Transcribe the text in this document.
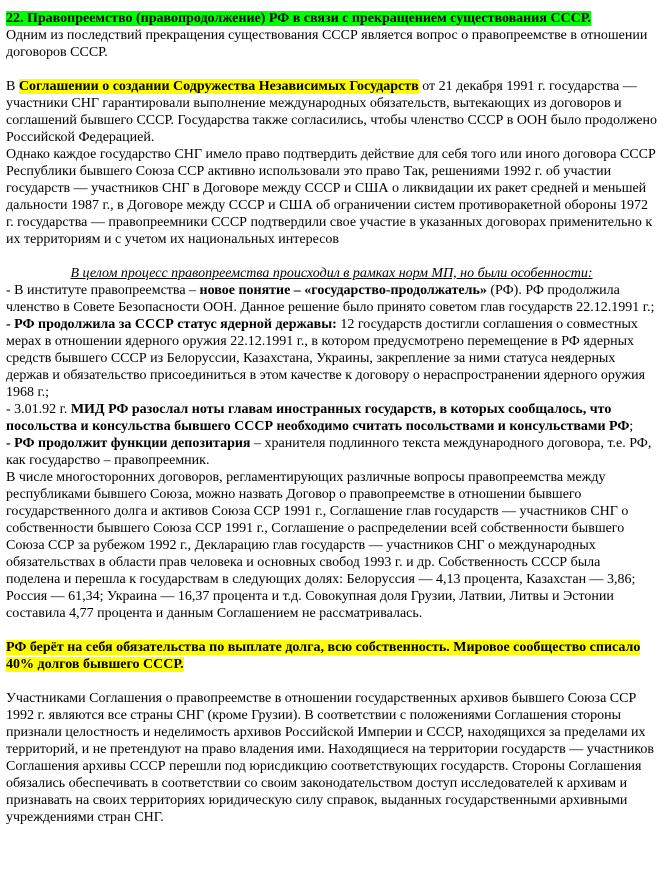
22. Правопреемство (правопродолжение) РФ в связи с прекращением существования СССР.

Одним из последствий прекращения существования СССР является вопрос о правопреемстве в отношении договоров СССР.

В Соглашении о создании Содружества Независимых Государств от 21 декабря 1991 г. государства — участники СНГ гарантировали выполнение международных обязательств, вытекающих из договоров и соглашений бывшего СССР. Государства также согласились, чтобы членство СССР в ООН было продолжено Российской Федерацией.

Однако каждое государство СНГ имело право подтвердить действие для себя того или иного договора СССР Республики бывшего Союза ССР активно использовали это право Так, решениями 1992 г. об участии государств — участников СНГ в Договоре между СССР и США о ликвидации их ракет средней и меньшей дальности 1987 г., в Договоре между СССР и США об ограничении систем противоракетной обороны 1972 г. государства — правопреемники СССР подтвердили свое участие в указанных договорах применительно к их территориям и с учетом их национальных интересов

В целом процесс правопреемства происходил в рамках норм МП, но были особенности:

- В институте правопреемства – новое понятие – «государство-продолжатель» (РФ). РФ продолжила членство в Совете Безопасности ООН. Данное решение было принято советом глав государств 22.12.1991 г.;

- РФ продолжила за СССР статус ядерной державы: 12 государств достигли соглашения о совместных мерах в отношении ядерного оружия 22.12.1991 г., в котором предусмотрено перемещение в РФ ядерных средств бывшего СССР из Белоруссии, Казахстана, Украины, закрепление за ними статуса неядерных держав и обязательство присоединиться в этом качестве к договору о нераспространении ядерного оружия 1968 г.;

- 3.01.92 г. МИД РФ разослал ноты главам иностранных государств, в которых сообщалось, что посольства и консульства бывшего СССР необходимо считать посольствами и консульствами РФ;

- РФ продолжит функции депозитария – хранителя подлинного текста международного договора, т.е. РФ, как государство – правопреемник.

В числе многосторонних договоров, регламентирующих различные вопросы правопреемства между республиками бывшего Союза, можно назвать Договор о правопреемстве в отношении бывшего государственного долга и активов Союза ССР 1991 г., Соглашение глав государств — участников СНГ о собственности бывшего Союза ССР 1991 г., Соглашение о распределении всей собственности бывшего Союза ССР за рубежом 1992 г., Декларацию глав государств — участников СНГ о международных обязательствах в области прав человека и основных свобод 1993 г. и др. Собственность СССР была поделена и перешла к государствам в следующих долях: Белоруссия — 4,13 процента, Казахстан — 3,86; Россия — 61,34; Украина — 16,37 процента и т.д. Совокупная доля Грузии, Латвии, Литвы и Эстонии составила 4,77 процента и данным Соглашением не рассматривалась.

РФ берёт на себя обязательства по выплате долга, всю собственность. Мировое сообщество списало 40% долгов бывшего СССР.

Участниками Соглашения о правопреемстве в отношении государственных архивов бывшего Союза ССР 1992 г. являются все страны СНГ (кроме Грузии). В соответствии с положениями Соглашения стороны признали целостность и неделимость архивов Российской Империи и СССР, находящихся за пределами их территорий, и не претендуют на право владения ими. Находящиеся на территории государств — участников Соглашения архивы СССР перешли под юрисдикцию соответствующих государств. Стороны Соглашения обязались обеспечивать в соответствии со своим законодательством доступ исследователей к архивам и признавать на своих территориях юридическую силу справок, выданных государственными архивными учреждениями стран СНГ.
